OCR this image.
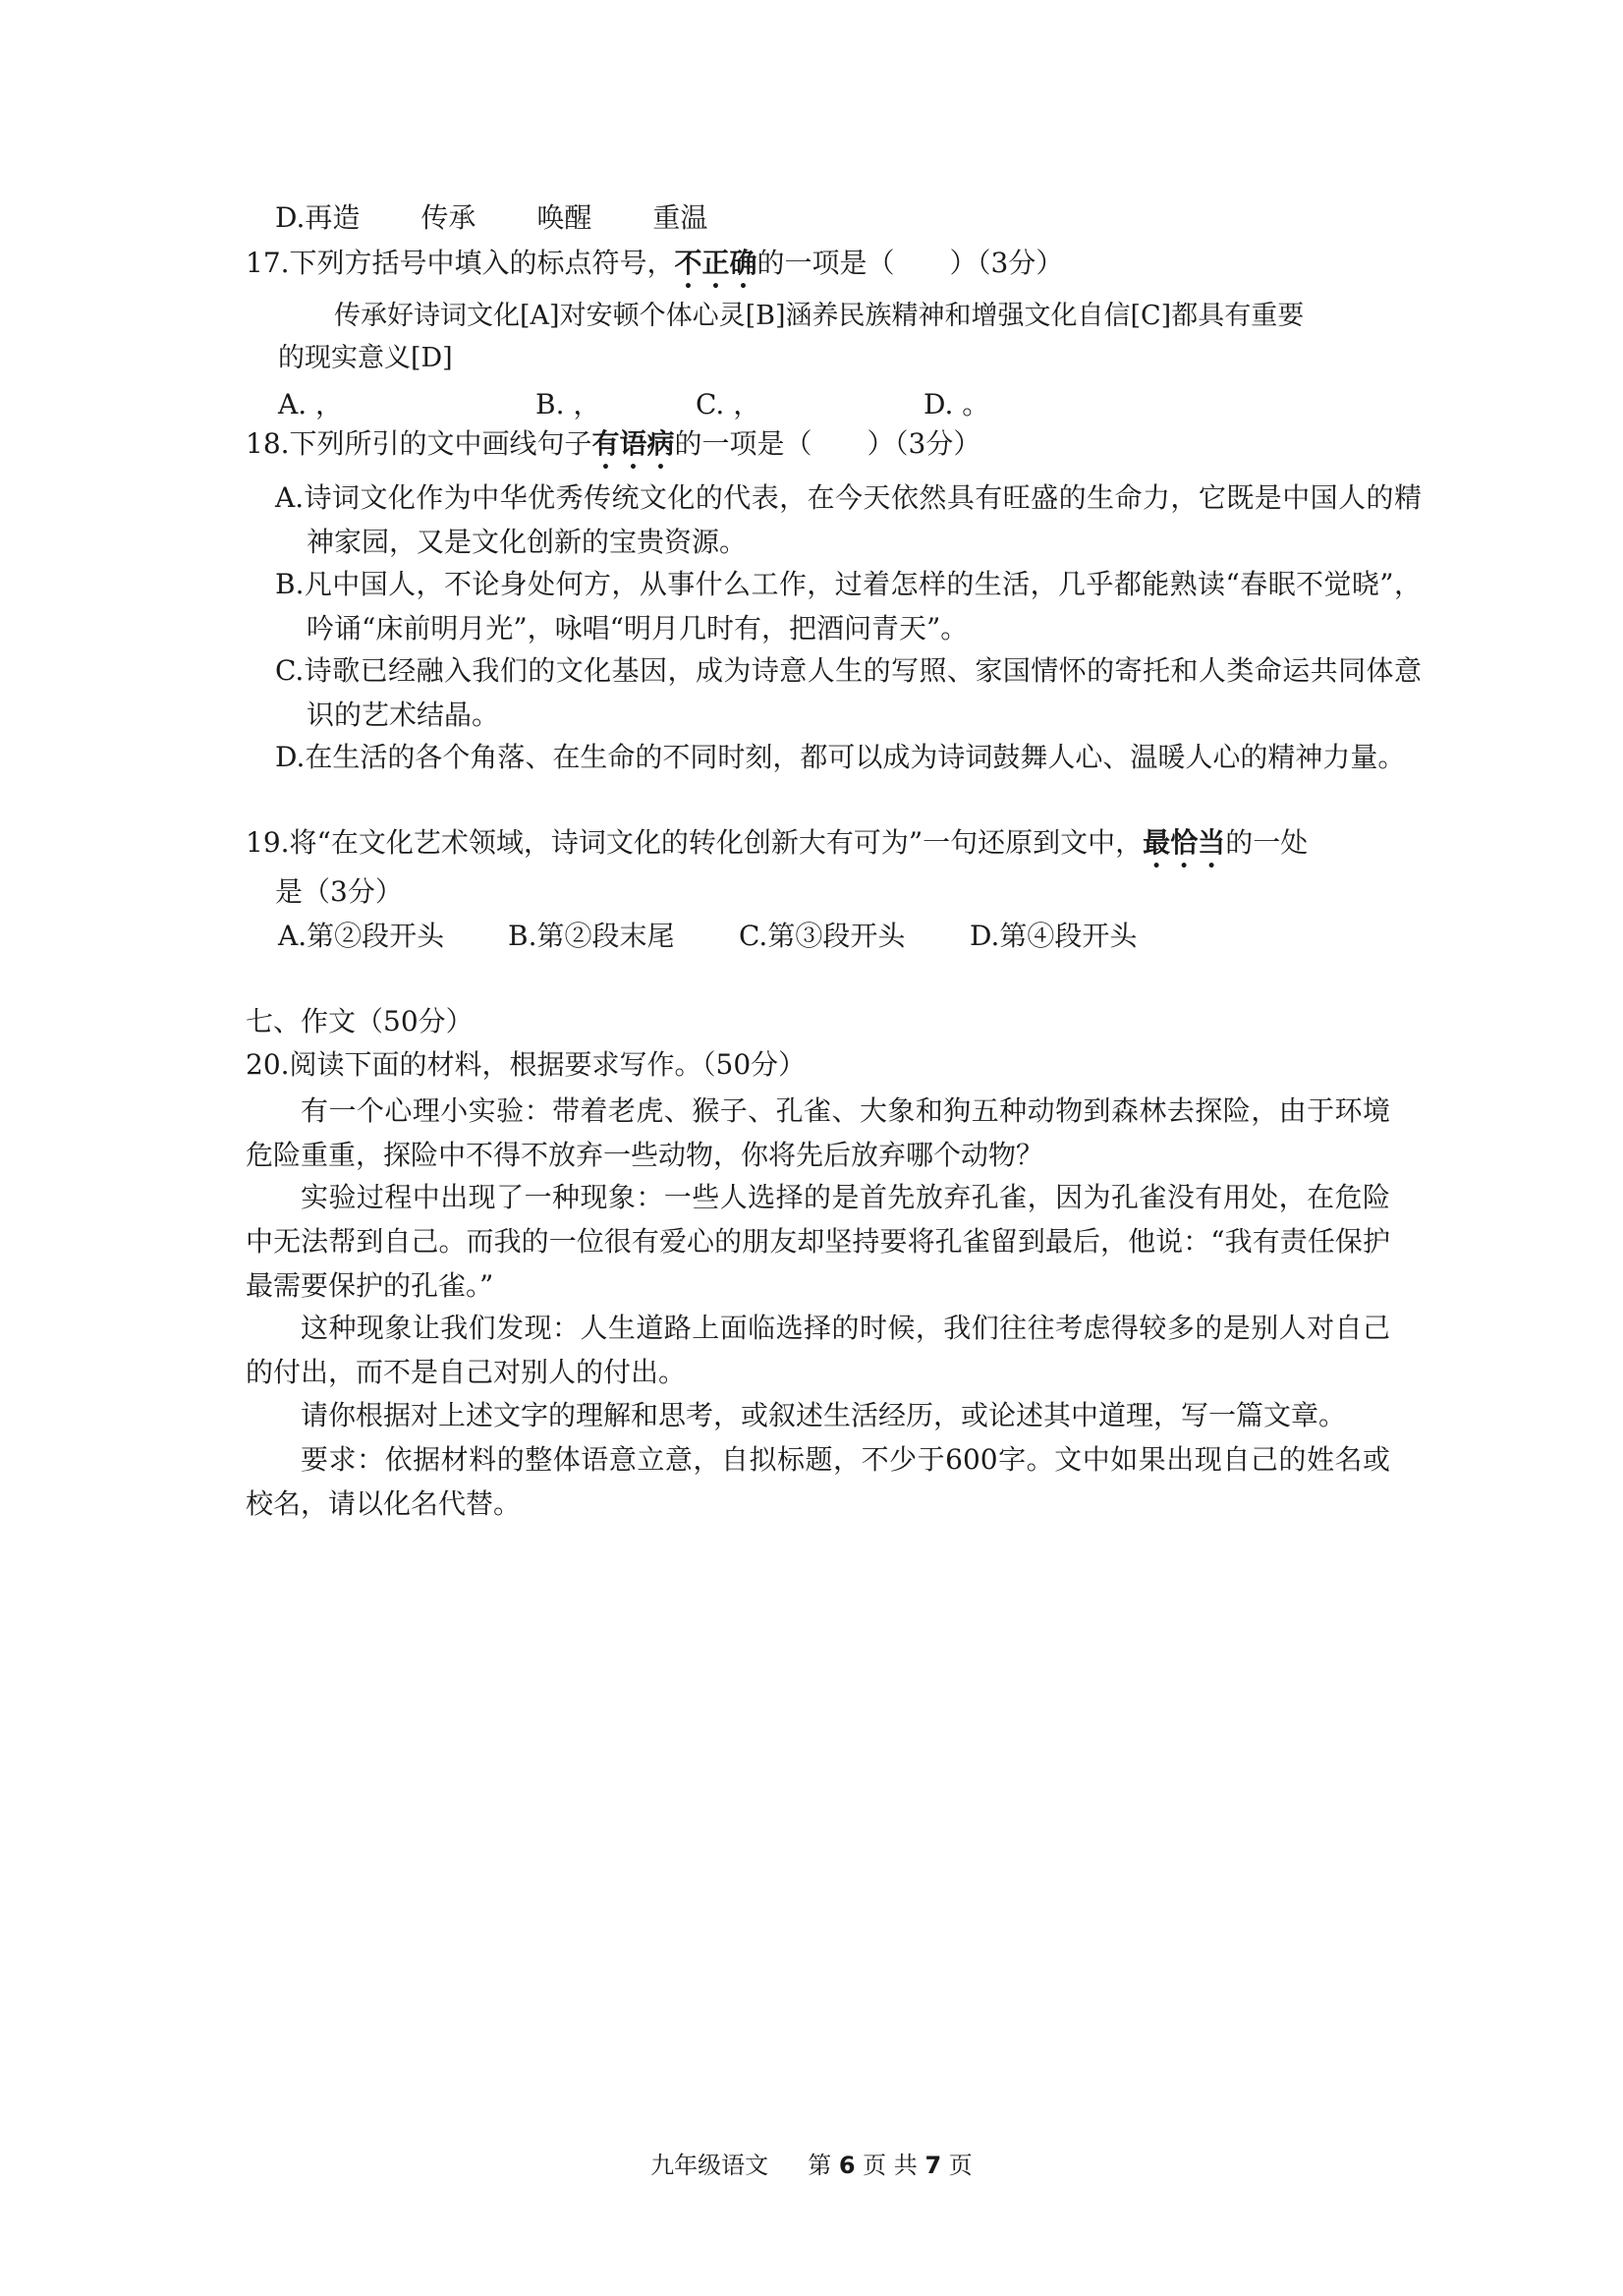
D.再造 传承 唤醒 重温
17.下列方括号中填入的标点符号，不正确的一项是（　　）（3分）
传承好诗词文化[A]对安顿个体心灵[B]涵养民族精神和增强文化自信[C]都具有重要
的现实意义[D]
A. ，	B. ，	C. ，	D. 。
18.下列所引的文中画线句子有语病的一项是（　　）（3分）
A.诗词文化作为中华优秀传统文化的代表，在今天依然具有旺盛的生命力，它既是中国人的精神家园，又是文化创新的宝贵资源。
B.凡中国人，不论身处何方，从事什么工作，过着怎样的生活，几乎都能熟读“春眠不觉晓”，吟诵“床前明月光”，咏唱“明月几时有，把酒问青天”。
C.诗歌已经融入我们的文化基因，成为诗意人生的写照、家国情怀的寄托和人类命运共同体意识的艺术结晶。
D.在生活的各个角落、在生命的不同时刻，都可以成为诗词鼓舞人心、温暖人心的精神力量。
19.将“在文化艺术领域，诗词文化的转化创新大有可为”一句还原到文中，最恰当的一处
是（3分）
A.第②段开头 B.第②段末尾 C.第③段开头 D.第④段开头
七、作文（50分）
20.阅读下面的材料，根据要求写作。（50分）
有一个心理小实验：带着老虎、猴子、孔雀、大象和狗五种动物到森林去探险，由于环境危险重重，探险中不得不放弃一些动物，你将先后放弃哪个动物？
实验过程中出现了一种现象：一些人选择的是首先放弃孔雀，因为孔雀没有用处，在危险中无法帮到自己。而我的一位很有爱心的朋友却坚持要将孔雀留到最后，他说：“我有责任保护最需要保护的孔雀。”
这种现象让我们发现：人生道路上面临选择的时候，我们往往考虑得较多的是别人对自己的付出，而不是自己对别人的付出。
请你根据对上述文字的理解和思考，或叙述生活经历，或论述其中道理，写一篇文章。
要求：依据材料的整体语意立意，自拟标题，不少于600字。文中如果出现自己的姓名或校名，请以化名代替。
九年级语文 第 6 页 共 7 页
